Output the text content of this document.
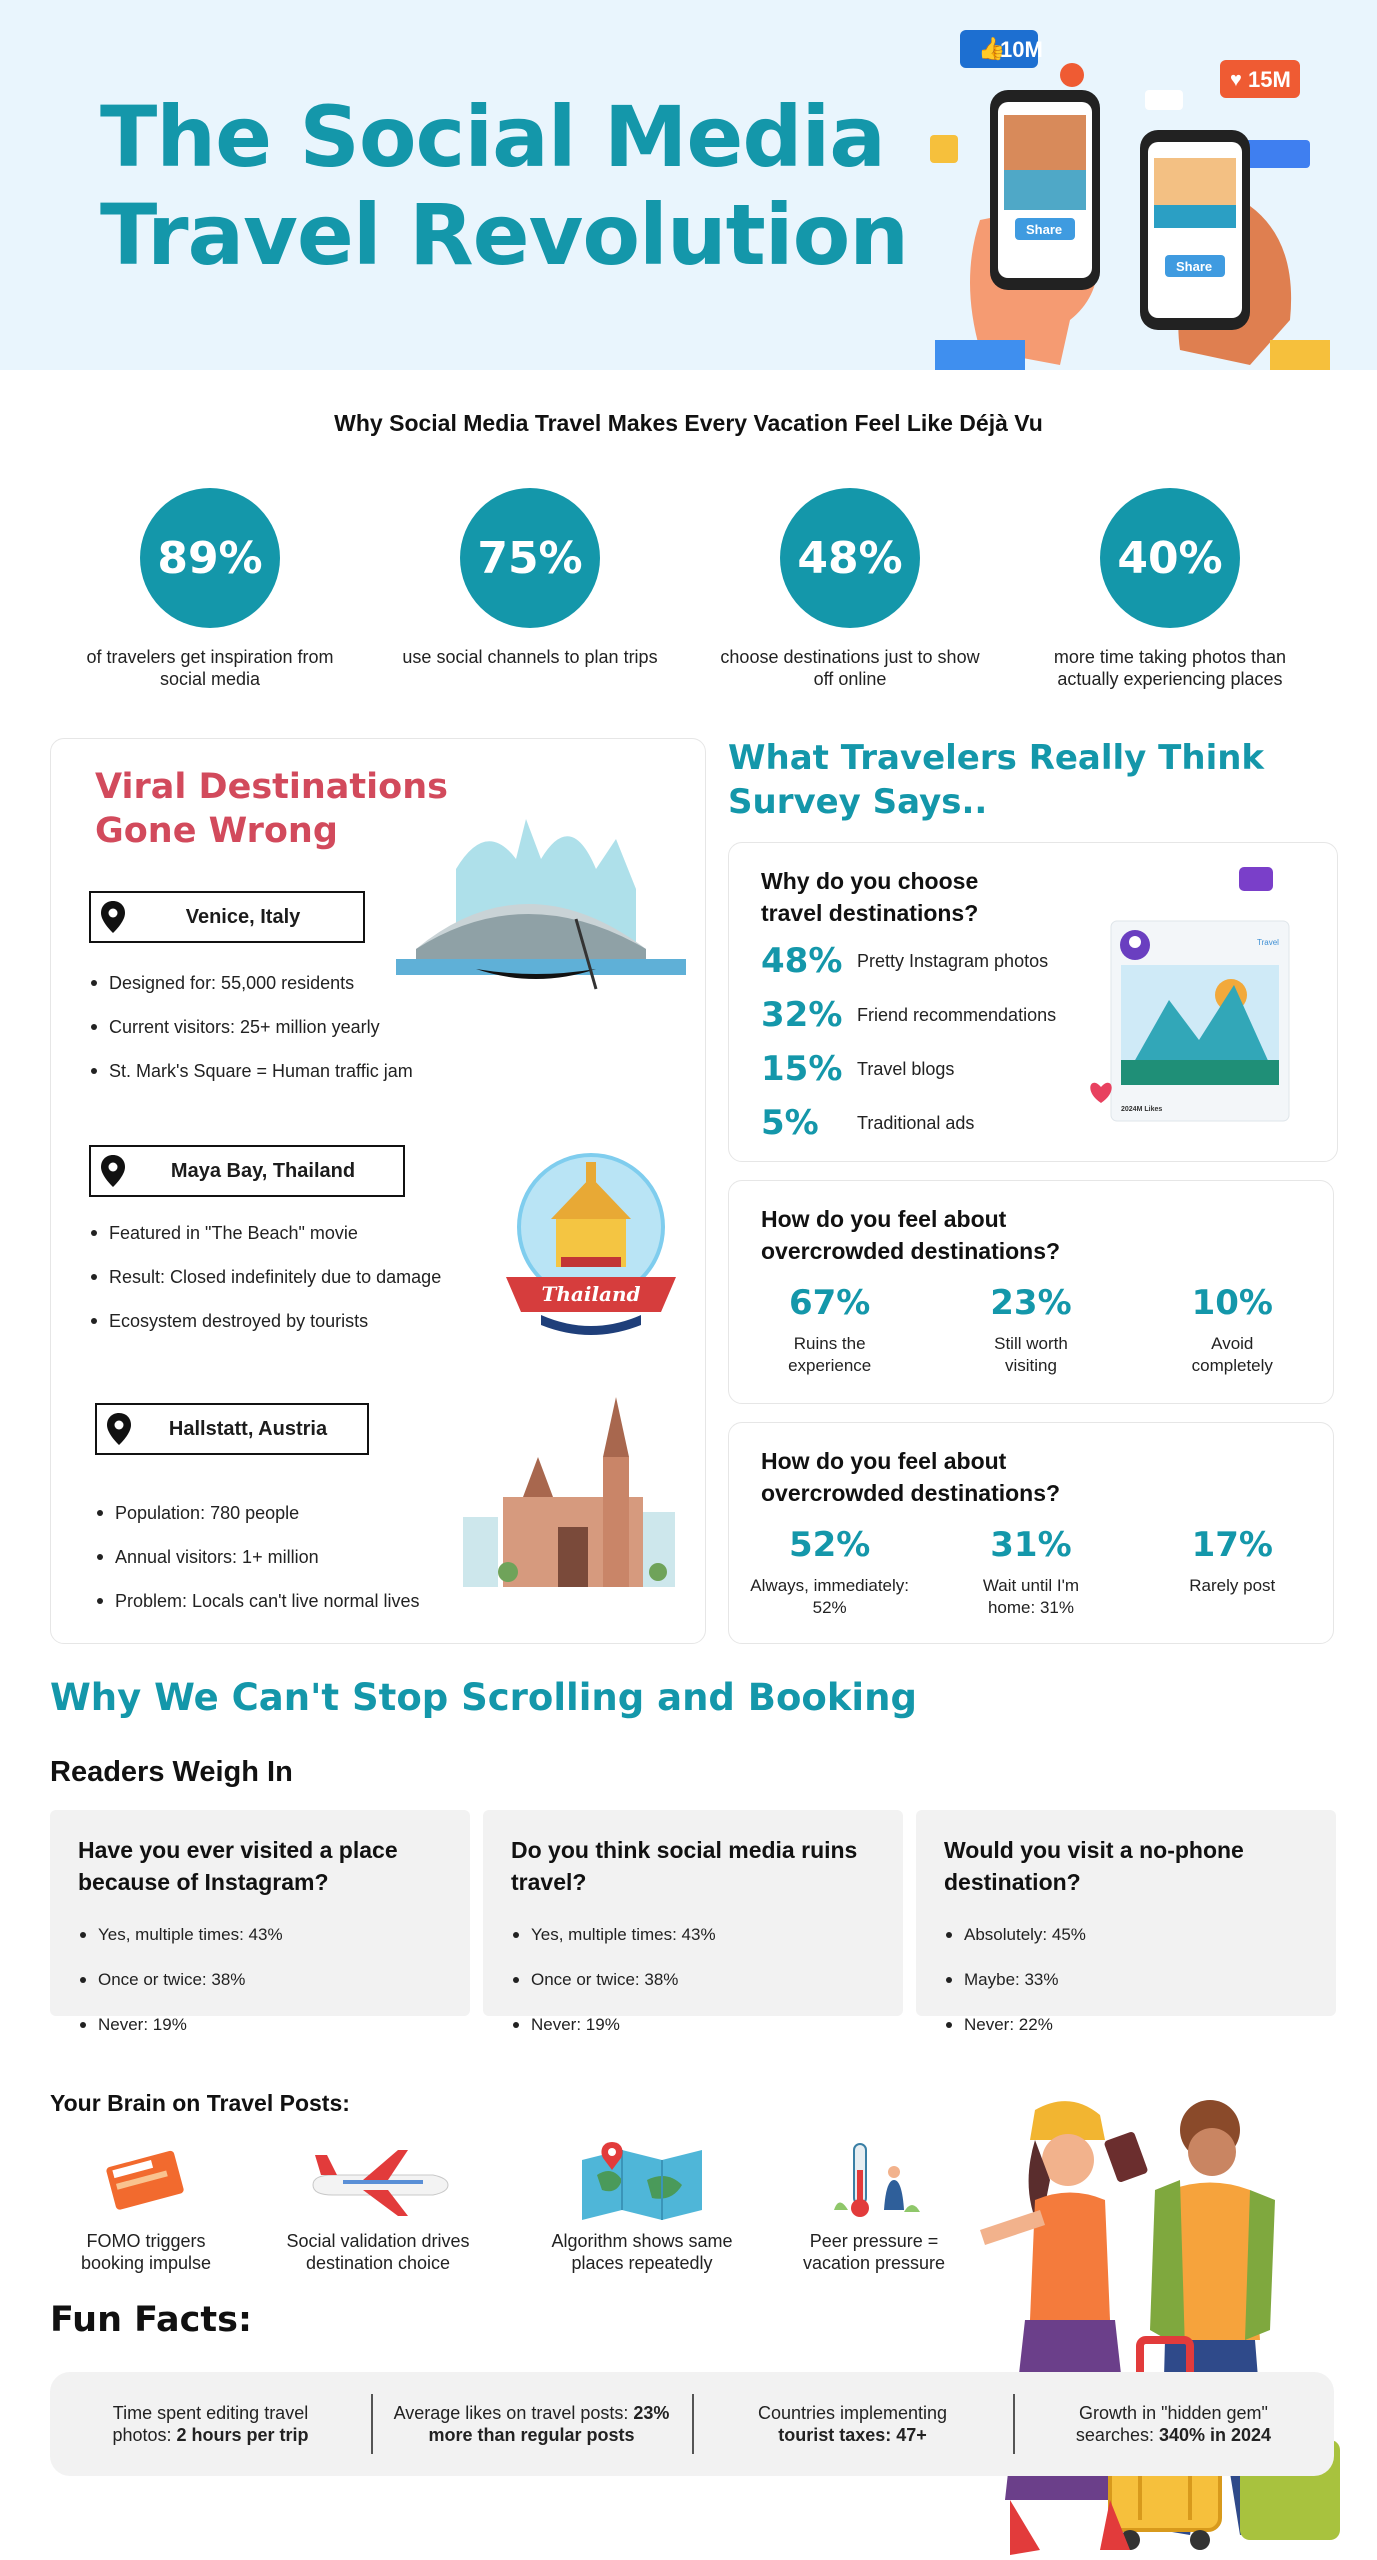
The Social Media Travel Revolution
👍
10M
♥ 15M
Share
Share
Why Social Media Travel Makes Every Vacation Feel Like Déjà Vu
89%
of travelers get inspiration from social media
75%
use social channels to plan trips
48%
choose destinations just to show off online
40%
more time taking photos than actually experiencing places
Viral Destinations Gone Wrong
Venice, Italy
Designed for: 55,000 residents
Current visitors: 25+ million yearly
St. Mark's Square = Human traffic jam
Maya Bay, Thailand
Featured in "The Beach" movie
Result: Closed indefinitely due to damage
Ecosystem destroyed by tourists
Thailand
Hallstatt, Austria
Population: 780 people
Annual visitors: 1+ million
Problem: Locals can't live normal lives
What Travelers Really Think Survey Says..
Why do you choose travel destinations?
48% Pretty Instagram photos
32% Friend recommendations
15% Travel blogs
5%	Traditional ads
Travel
2024M Likes
How do you feel about overcrowded destinations?
67%
Ruins the experience
23%
Still worth visiting
10%
Avoid completely
How do you feel about overcrowded destinations?
52%
Always, immediately: 52%
31%
Wait until I'm home: 31%
17%
Rarely post
Why We Can't Stop Scrolling and Booking
Readers Weigh In
Have you ever visited a place because of Instagram?
Yes, multiple times: 43%
Once or twice: 38%
Never: 19%
Do you think social media ruins travel?
Yes, multiple times: 43%
Once or twice: 38%
Never: 19%
Would you visit a no-phone destination?
Absolutely: 45%
Maybe: 33%
Never: 22%
Your Brain on Travel Posts:
FOMO triggers booking impulse
Social validation drives destination choice
Algorithm shows same places repeatedly
Peer pressure = vacation pressure
Fun Facts:
Time spent editing travel photos: 2 hours per trip
Average likes on travel posts: 23% more than regular posts
Countries implementing tourist taxes: 47+
Growth in "hidden gem" searches: 340% in 2024
